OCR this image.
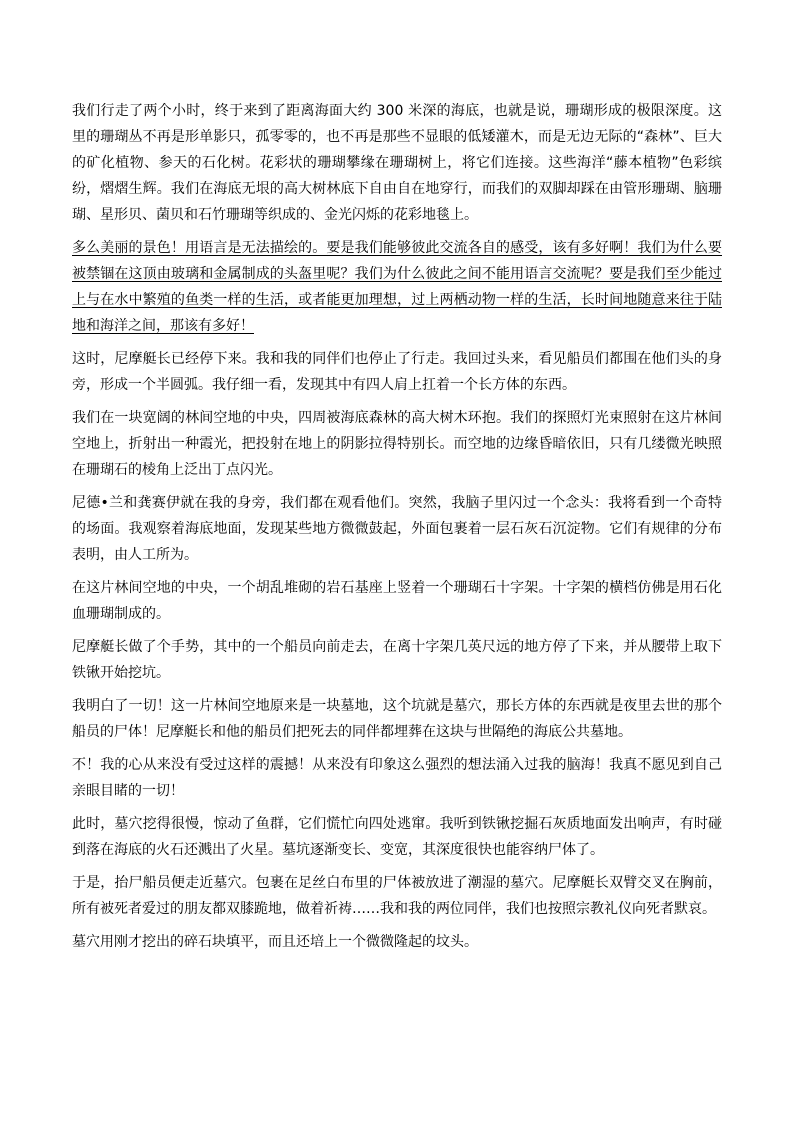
我们行走了两个小时，终于来到了距离海面大约 300 米深的海底，也就是说，珊瑚形成的极限深度。这里的珊瑚丛不再是形单影只，孤零零的，也不再是那些不显眼的低矮灌木，而是无边无际的“森林”、巨大的矿化植物、参天的石化树。花彩状的珊瑚攀缘在珊瑚树上，将它们连接。这些海洋“藤本植物”色彩缤纷，熠熠生辉。我们在海底无垠的高大树林底下自由自在地穿行，而我们的双脚却踩在由管形珊瑚、脑珊瑚、星形贝、菌贝和石竹珊瑚等织成的、金光闪烁的花彩地毯上。

多么美丽的景色！用语言是无法描绘的。要是我们能够彼此交流各自的感受，该有多好啊！我们为什么要被禁锢在这顶由玻璃和金属制成的头盔里呢？我们为什么彼此之间不能用语言交流呢？要是我们至少能过上与在水中繁殖的鱼类一样的生活，或者能更加理想，过上两栖动物一样的生活，长时间地随意来往于陆地和海洋之间，那该有多好！

这时，尼摩艇长已经停下来。我和我的同伴们也停止了行走。我回过头来，看见船员们都围在他们头的身旁，形成一个半圆弧。我仔细一看，发现其中有四人肩上扛着一个长方体的东西。

我们在一块宽阔的林间空地的中央，四周被海底森林的高大树木环抱。我们的探照灯光束照射在这片林间空地上，折射出一种霞光，把投射在地上的阴影拉得特别长。而空地的边缘昏暗依旧，只有几缕微光映照在珊瑚石的棱角上泛出丁点闪光。

尼德•兰和龚赛伊就在我的身旁，我们都在观看他们。突然，我脑子里闪过一个念头：我将看到一个奇特的场面。我观察着海底地面，发现某些地方微微鼓起，外面包裹着一层石灰石沉淀物。它们有规律的分布表明，由人工所为。

在这片林间空地的中央，一个胡乱堆砌的岩石基座上竖着一个珊瑚石十字架。十字架的横档仿佛是用石化血珊瑚制成的。

尼摩艇长做了个手势，其中的一个船员向前走去，在离十字架几英尺远的地方停了下来，并从腰带上取下铁锹开始挖坑。

我明白了一切！这一片林间空地原来是一块墓地，这个坑就是墓穴，那长方体的东西就是夜里去世的那个船员的尸体！尼摩艇长和他的船员们把死去的同伴都埋葬在这块与世隔绝的海底公共墓地。

不！我的心从来没有受过这样的震撼！从来没有印象这么强烈的想法涌入过我的脑海！我真不愿见到自己亲眼目睹的一切！

此时，墓穴挖得很慢，惊动了鱼群，它们慌忙向四处逃窜。我听到铁锹挖掘石灰质地面发出响声，有时碰到落在海底的火石还溅出了火星。墓坑逐渐变长、变宽，其深度很快也能容纳尸体了。

于是，抬尸船员便走近墓穴。包裹在足丝白布里的尸体被放进了潮湿的墓穴。尼摩艇长双臂交叉在胸前，所有被死者爱过的朋友都双膝跪地，做着祈祷……我和我的两位同伴，我们也按照宗教礼仪向死者默哀。

墓穴用刚才挖出的碎石块填平，而且还培上一个微微隆起的坟头。
